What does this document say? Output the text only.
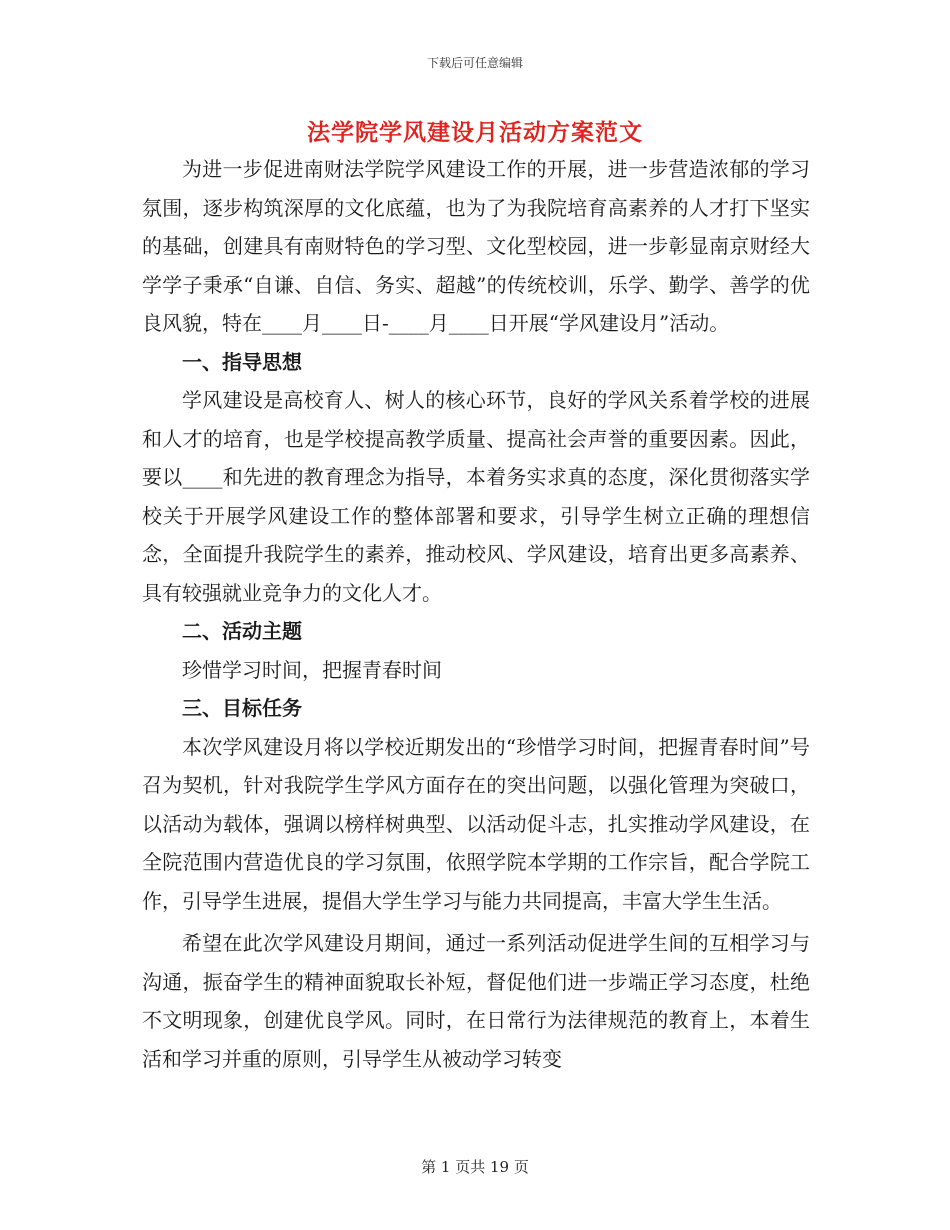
下载后可任意编辑
法学院学风建设月活动方案范文

为进一步促进南财法学院学风建设工作的开展，进一步营造浓郁的学习氛围，逐步构筑深厚的文化底蕴，也为了为我院培育高素养的人才打下坚实的基础，创建具有南财特色的学习型、文化型校园，进一步彰显南京财经大学学子秉承“自谦、自信、务实、超越”的传统校训，乐学、勤学、善学的优良风貌，特在____月____日-____月____日开展“学风建设月”活动。

一、指导思想

学风建设是高校育人、树人的核心环节，良好的学风关系着学校的进展和人才的培育，也是学校提高教学质量、提高社会声誉的重要因素。因此，要以____和先进的教育理念为指导，本着务实求真的态度，深化贯彻落实学校关于开展学风建设工作的整体部署和要求，引导学生树立正确的理想信念，全面提升我院学生的素养，推动校风、学风建设，培育出更多高素养、具有较强就业竞争力的文化人才。

二、活动主题

珍惜学习时间，把握青春时间

三、目标任务

本次学风建设月将以学校近期发出的“珍惜学习时间，把握青春时间”号召为契机，针对我院学生学风方面存在的突出问题，以强化管理为突破口，以活动为载体，强调以榜样树典型、以活动促斗志，扎实推动学风建设，在全院范围内营造优良的学习氛围，依照学院本学期的工作宗旨，配合学院工作，引导学生进展，提倡大学生学习与能力共同提高，丰富大学生生活。

希望在此次学风建设月期间，通过一系列活动促进学生间的互相学习与沟通，振奋学生的精神面貌取长补短，督促他们进一步端正学习态度，杜绝不文明现象，创建优良学风。同时，在日常行为法律规范的教育上，本着生活和学习并重的原则，引导学生从被动学习转变

第 1 页共 19 页
